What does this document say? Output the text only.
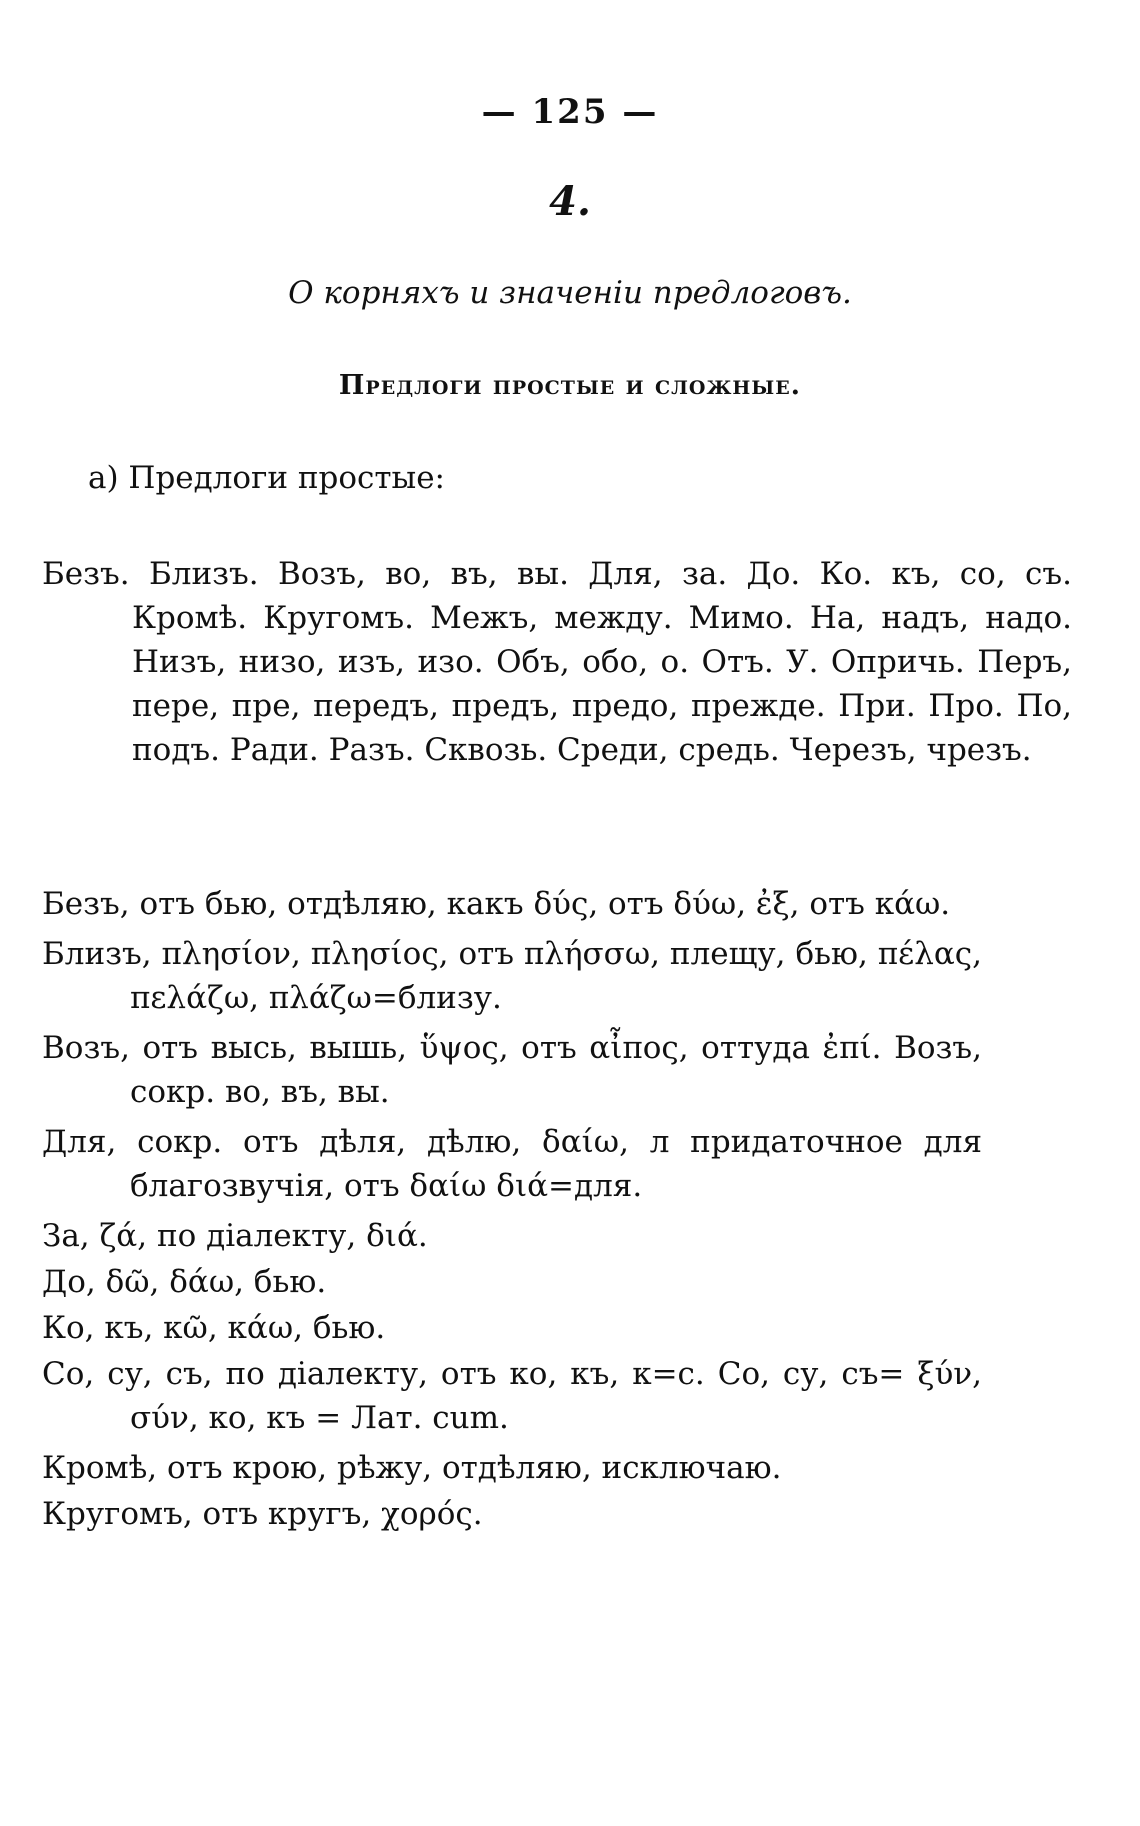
— 125 —
4.
О корняхъ и значеніи предлоговъ.
Предлоги простые и сложные.
a) Предлоги простые:
Безъ. Близъ. Возъ, во, въ, вы. Для, за. До. Ко. къ, со, съ. Кромѣ. Кругомъ. Межъ, между. Мимо. На, надъ, надо. Низъ, низо, изъ, изо. Объ, обо, о. Отъ. У. Опричь. Перъ, пере, пре, передъ, предъ, предо, прежде. При. Про. По, подъ. Ради. Разъ. Сквозь. Среди, средь. Черезъ, чрезъ.
Безъ, отъ бью, отдѣляю, какъ δύς, отъ δύω, ἐξ, отъ κάω.
Близъ, πλησίον, πλησίος, отъ πλήσσω, плещу, бью, πέλας, πελάζω, πλάζω=близу.
Возъ, отъ высь, вышь, ὕψος, отъ αἶπος, оттуда ἐπί. Возъ, сокр. во, въ, вы.
Для, сокр. отъ дѣля, дѣлю, δαίω, л придаточное для благозвучія, отъ δαίω διά=для.
За, ζά, по діалекту, διά.
До, δῶ, δάω, бью.
Ко, къ, κῶ, κάω, бью.
Со, су, съ, по діалекту, отъ ко, къ, к=с. Со, су, съ= ξύν, σύν, ко, къ = Лат. cum.
Кромѣ, отъ крою, рѣжу, отдѣляю, исключаю.
Кругомъ, отъ кругъ, χορός.
